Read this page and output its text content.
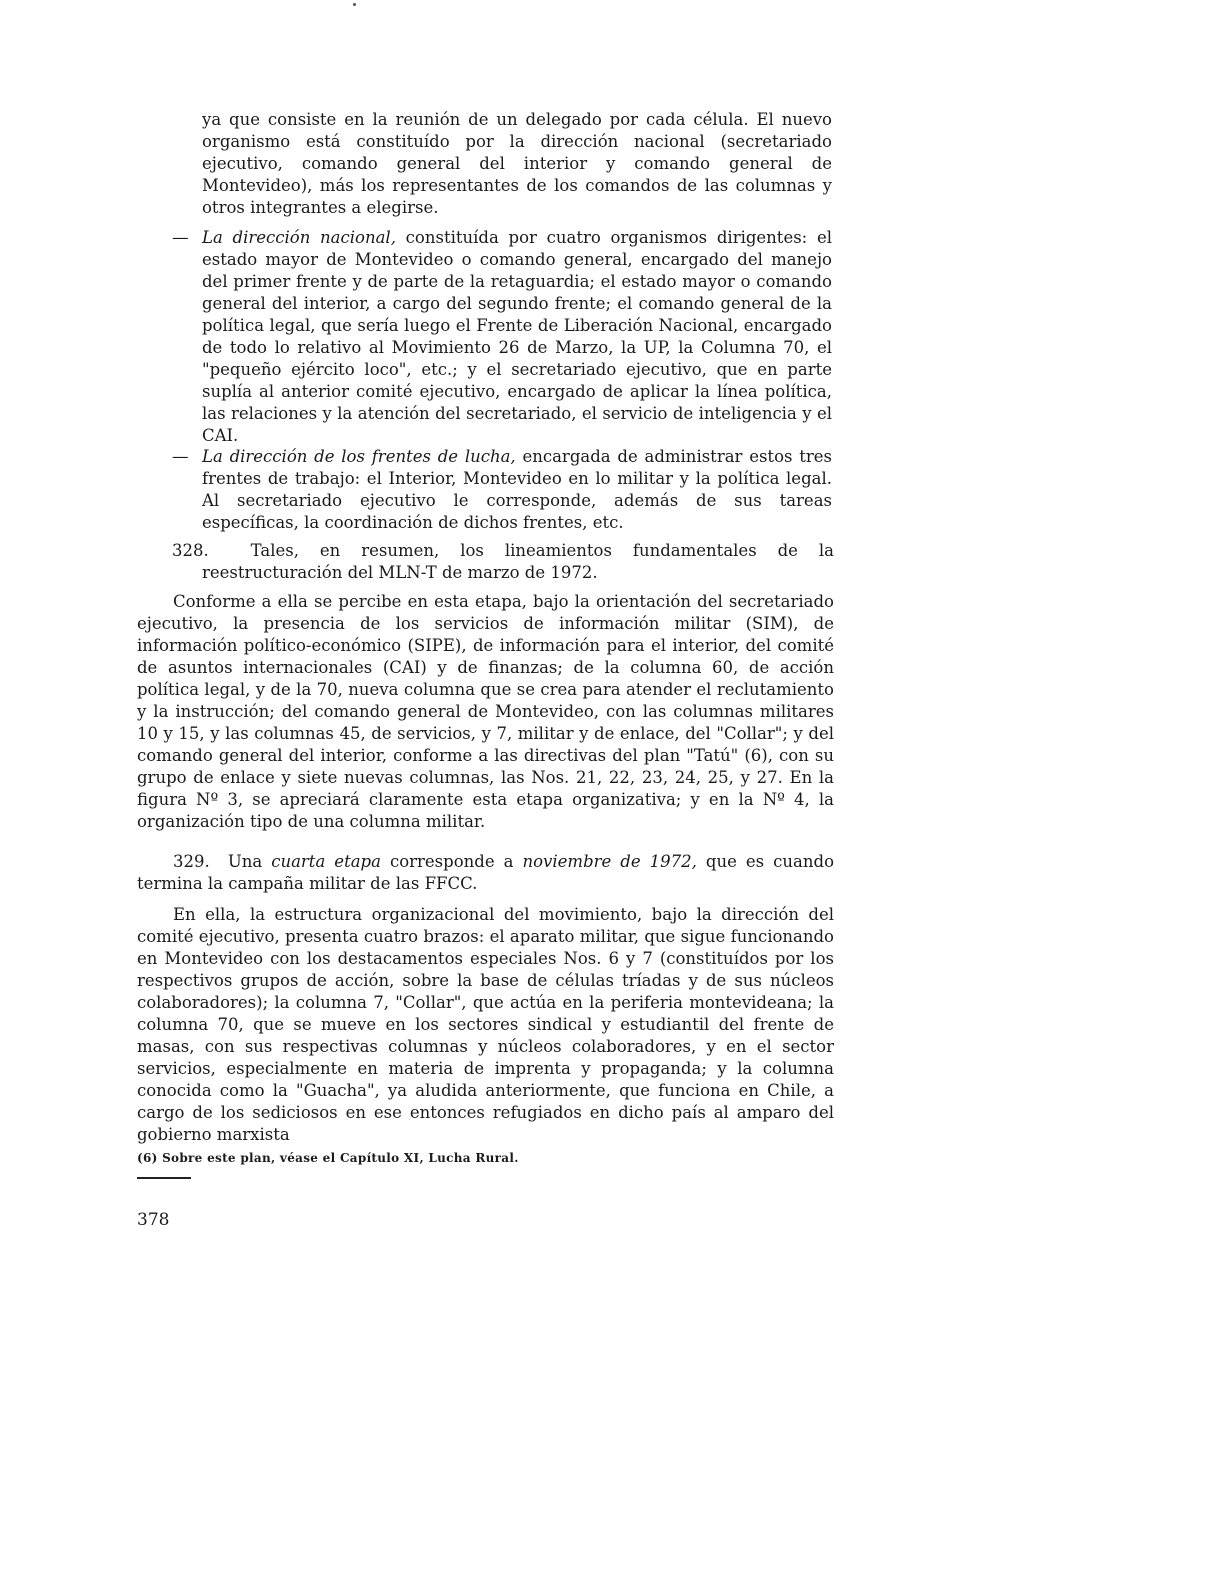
ya que consiste en la reunión de un delegado por cada célula. El nuevo organismo está constituído por la dirección nacional (secretariado ejecutivo, comando general del interior y comando general de Montevideo), más los representantes de los comandos de las columnas y otros integrantes a elegirse.

— La dirección nacional, constituída por cuatro organismos dirigentes: el estado mayor de Montevideo o comando general, encargado del manejo del primer frente y de parte de la retaguardia; el estado mayor o comando general del interior, a cargo del segundo frente; el comando general de la política legal, que sería luego el Frente de Liberación Nacional, encargado de todo lo relativo al Movimiento 26 de Marzo, la UP, la Columna 70, el "pequeño ejército loco", etc.; y el secretariado ejecutivo, que en parte suplía al anterior comité ejecutivo, encargado de aplicar la línea política, las relaciones y la atención del secretariado, el servicio de inteligencia y el CAI.
— La dirección de los frentes de lucha, encargada de administrar estos tres frentes de trabajo: el Interior, Montevideo en lo militar y la política legal. Al secretariado ejecutivo le corresponde, además de sus tareas específicas, la coordinación de dichos frentes, etc.
328.	Tales, en resumen, los lineamientos fundamentales de la reestructuración del MLN-T de marzo de 1972.
Conforme a ella se percibe en esta etapa, bajo la orientación del secretariado ejecutivo, la presencia de los servicios de información militar (SIM), de información político-económico (SIPE), de información para el interior, del comité de asuntos internacionales (CAI) y de finanzas; de la columna 60, de acción política legal, y de la 70, nueva columna que se crea para atender el reclutamiento y la instrucción; del comando general de Montevideo, con las columnas militares 10 y 15, y las columnas 45, de servicios, y 7, militar y de enlace, del "Collar"; y del comando general del interior, conforme a las directivas del plan "Tatú" (6), con su grupo de enlace y siete nuevas columnas, las Nos. 21, 22, 23, 24, 25, y 27. En la figura Nº 3, se apreciará claramente esta etapa organizativa; y en la Nº 4, la organización tipo de una columna militar.
329. Una cuarta etapa corresponde a noviembre de 1972, que es cuando termina la campaña militar de las FFCC.
En ella, la estructura organizacional del movimiento, bajo la dirección del comité ejecutivo, presenta cuatro brazos: el aparato militar, que sigue funcionando en Montevideo con los destacamentos especiales Nos. 6 y 7 (constituídos por los respectivos grupos de acción, sobre la base de células tríadas y de sus núcleos colaboradores); la columna 7, "Collar", que actúa en la periferia montevideana; la columna 70, que se mueve en los sectores sindical y estudiantil del frente de masas, con sus respectivas columnas y núcleos colaboradores, y en el sector servicios, especialmente en materia de imprenta y propaganda; y la columna conocida como la "Guacha", ya aludida anteriormente, que funciona en Chile, a cargo de los sediciosos en ese entonces refugiados en dicho país al amparo del gobierno marxista
(6) Sobre este plan, véase el Capítulo XI, Lucha Rural.
378
